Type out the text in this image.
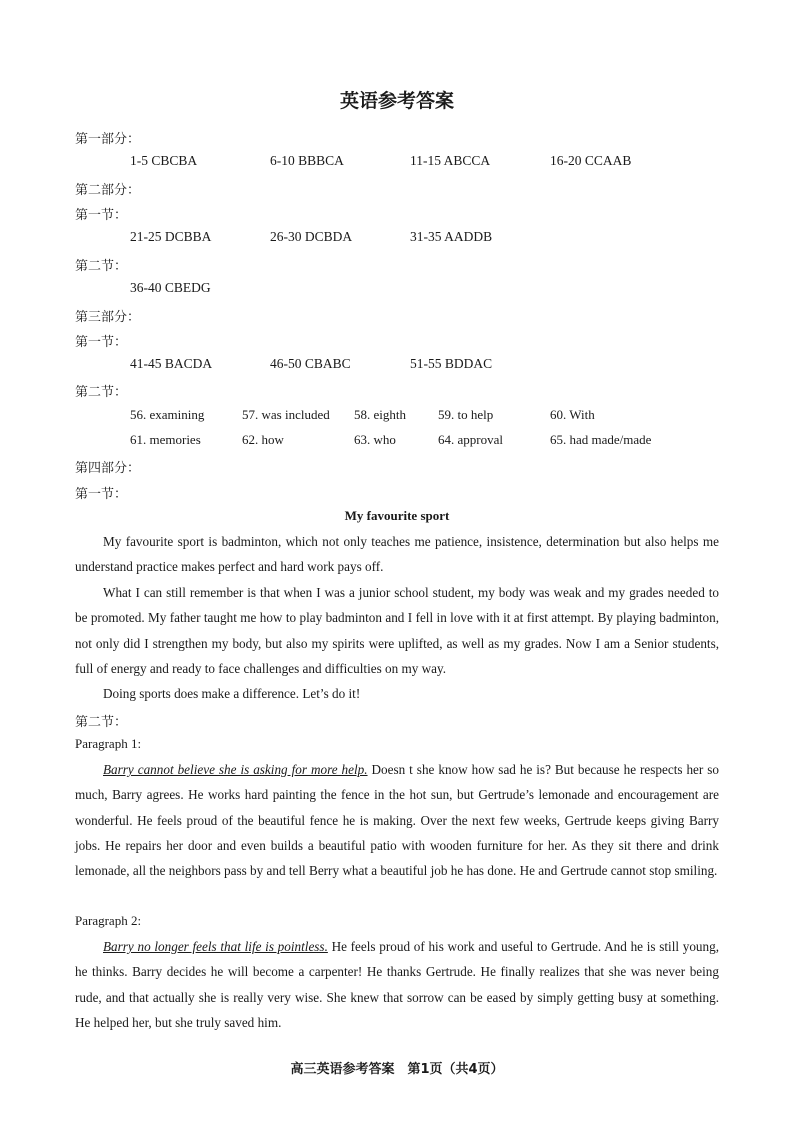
英语参考答案
第一部分：
1-5 CBCBA	6-10 BBBCA	11-15 ABCCA	16-20 CCAAB
第二部分：
第一节：
21-25 DCBBA	26-30 DCBDA	31-35 AADDB
第二节：
36-40 CBEDG
第三部分：
第一节：
41-45 BACDA	46-50 CBABC	51-55 BDDAC
第二节：
56. examining	57. was included 58. eighth 59. to help	60. With
61. memories	62. how	63. who	64. approval	65. had made/made
第四部分：
第一节：
My favourite sport
My favourite sport is badminton, which not only teaches me patience, insistence, determination but also helps me understand practice makes perfect and hard work pays off.
What I can still remember is that when I was a junior school student, my body was weak and my grades needed to be promoted. My father taught me how to play badminton and I fell in love with it at first attempt. By playing badminton, not only did I strengthen my body, but also my spirits were uplifted, as well as my grades. Now I am a Senior students, full of energy and ready to face challenges and difficulties on my way.
Doing sports does make a difference. Let’s do it!
第二节：
Paragraph 1:
Barry cannot believe she is asking for more help. Doesn t she know how sad he is? But because he respects her so much, Barry agrees. He works hard painting the fence in the hot sun, but Gertrude’s lemonade and encouragement are wonderful. He feels proud of the beautiful fence he is making. Over the next few weeks, Gertrude keeps giving Barry jobs. He repairs her door and even builds a beautiful patio with wooden furniture for her. As they sit there and drink lemonade, all the neighbors pass by and tell Berry what a beautiful job he has done. He and Gertrude cannot stop smiling.
Paragraph 2:
Barry no longer feels that life is pointless. He feels proud of his work and useful to Gertrude. And he is still young, he thinks. Barry decides he will become a carpenter! He thanks Gertrude. He finally realizes that she was never being rude, and that actually she is really very wise. She knew that sorrow can be eased by simply getting busy at something. He helped her, but she truly saved him.
高三英语参考答案　第1页（共4页）
